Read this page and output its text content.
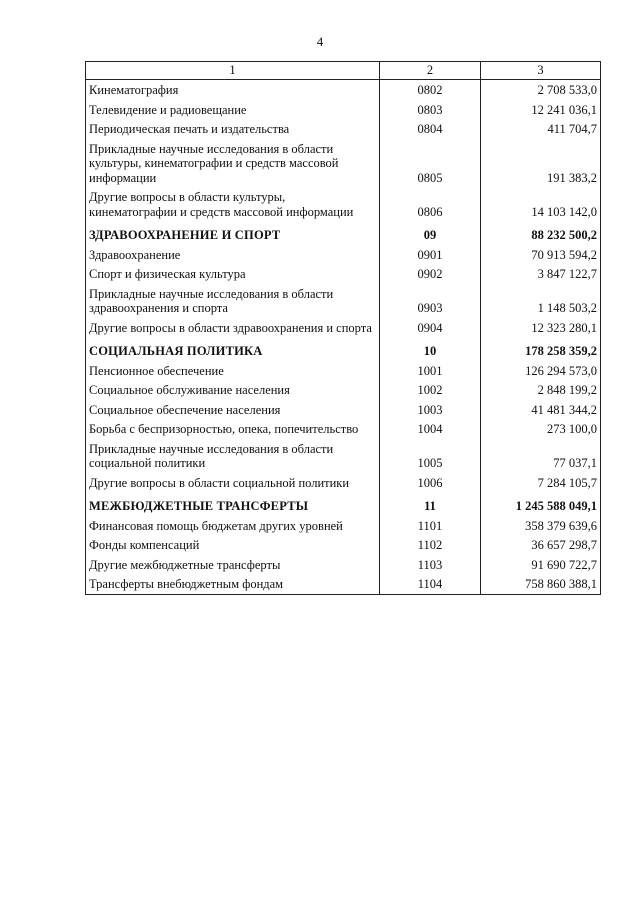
4
1	2	3
Кинематография	0802	2 708 533,0
Телевидение и радиовещание	0803	12 241 036,1
Периодическая печать и издательства	0804	411 704,7
Прикладные научные исследования в области культуры, кинематографии и средств массовой информации	0805	191 383,2
Другие вопросы в области культуры, кинематографии и средств массовой информации	0806	14 103 142,0
ЗДРАВООХРАНЕНИЕ И СПОРТ	09	88 232 500,2
Здравоохранение	0901	70 913 594,2
Спорт и физическая культура	0902	3 847 122,7
Прикладные научные исследования в области здравоохранения и спорта	0903	1 148 503,2
Другие вопросы в области здравоохранения и спорта	0904	12 323 280,1
СОЦИАЛЬНАЯ ПОЛИТИКА	10	178 258 359,2
Пенсионное обеспечение	1001	126 294 573,0
Социальное обслуживание населения	1002	2 848 199,2
Социальное обеспечение населения	1003	41 481 344,2
Борьба с беспризорностью, опека, попечительство	1004	273 100,0
Прикладные научные исследования в области социальной политики	1005	77 037,1
Другие вопросы в области социальной политики	1006	7 284 105,7
МЕЖБЮДЖЕТНЫЕ ТРАНСФЕРТЫ	11	1 245 588 049,1
Финансовая помощь бюджетам других уровней	1101	358 379 639,6
Фонды компенсаций	1102	36 657 298,7
Другие межбюджетные трансферты	1103	91 690 722,7
Трансферты внебюджетным фондам	1104	758 860 388,1
